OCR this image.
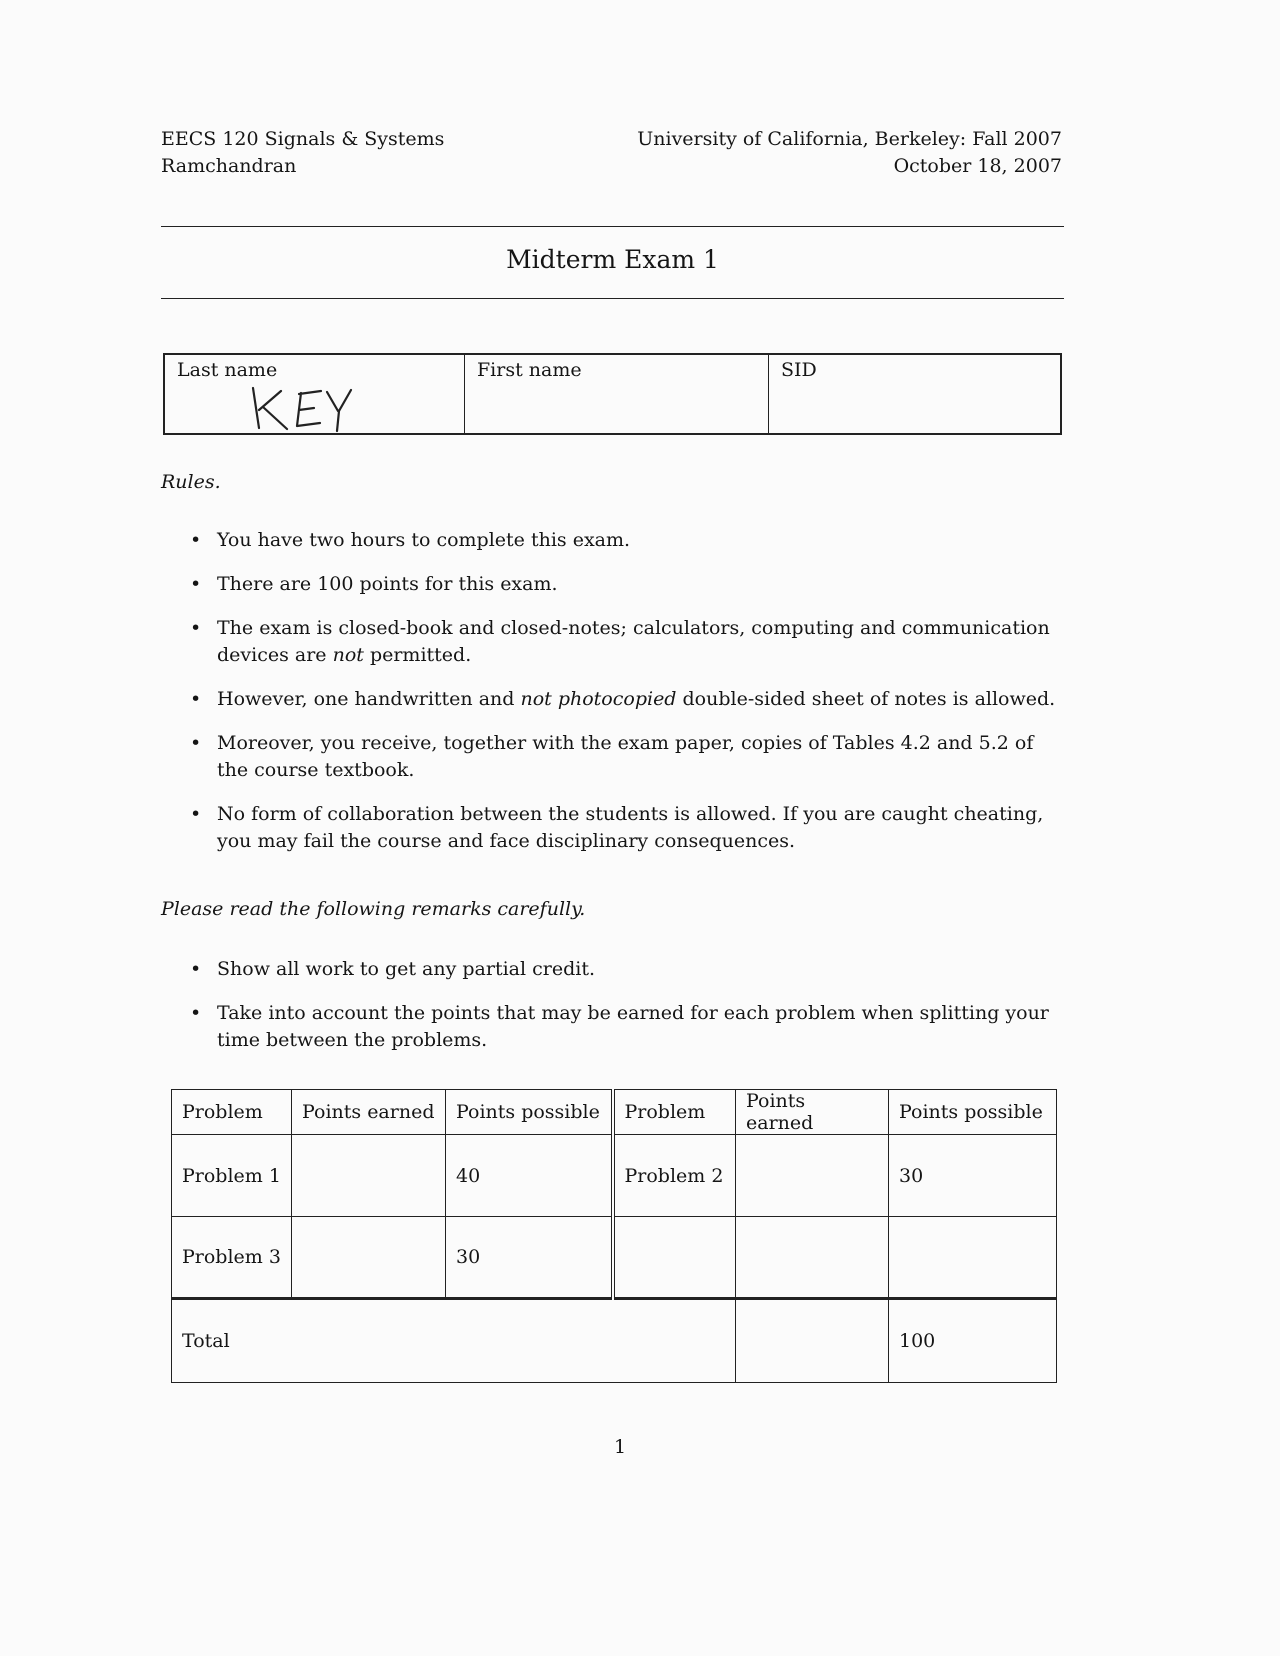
EECS 120 Signals & Systems
Ramchandran
University of California, Berkeley: Fall 2007
October 18, 2007
Midterm Exam 1
Last name	First name	SID
Rules.
• You have two hours to complete this exam.
• There are 100 points for this exam.
• The exam is closed-book and closed-notes; calculators, computing and communication devices are not permitted.
• However, one handwritten and not photocopied double-sided sheet of notes is allowed.
• Moreover, you receive, together with the exam paper, copies of Tables 4.2 and 5.2 of the course textbook.
• No form of collaboration between the students is allowed. If you are caught cheating, you may fail the course and face disciplinary consequences.
Please read the following remarks carefully.
• Show all work to get any partial credit.
• Take into account the points that may be earned for each problem when splitting your time between the problems.
Problem	Points earned	Points possible	Problem	Points earned	Points possible
Problem 1		40	Problem 2		30
Problem 3		30			
Total					100
1
